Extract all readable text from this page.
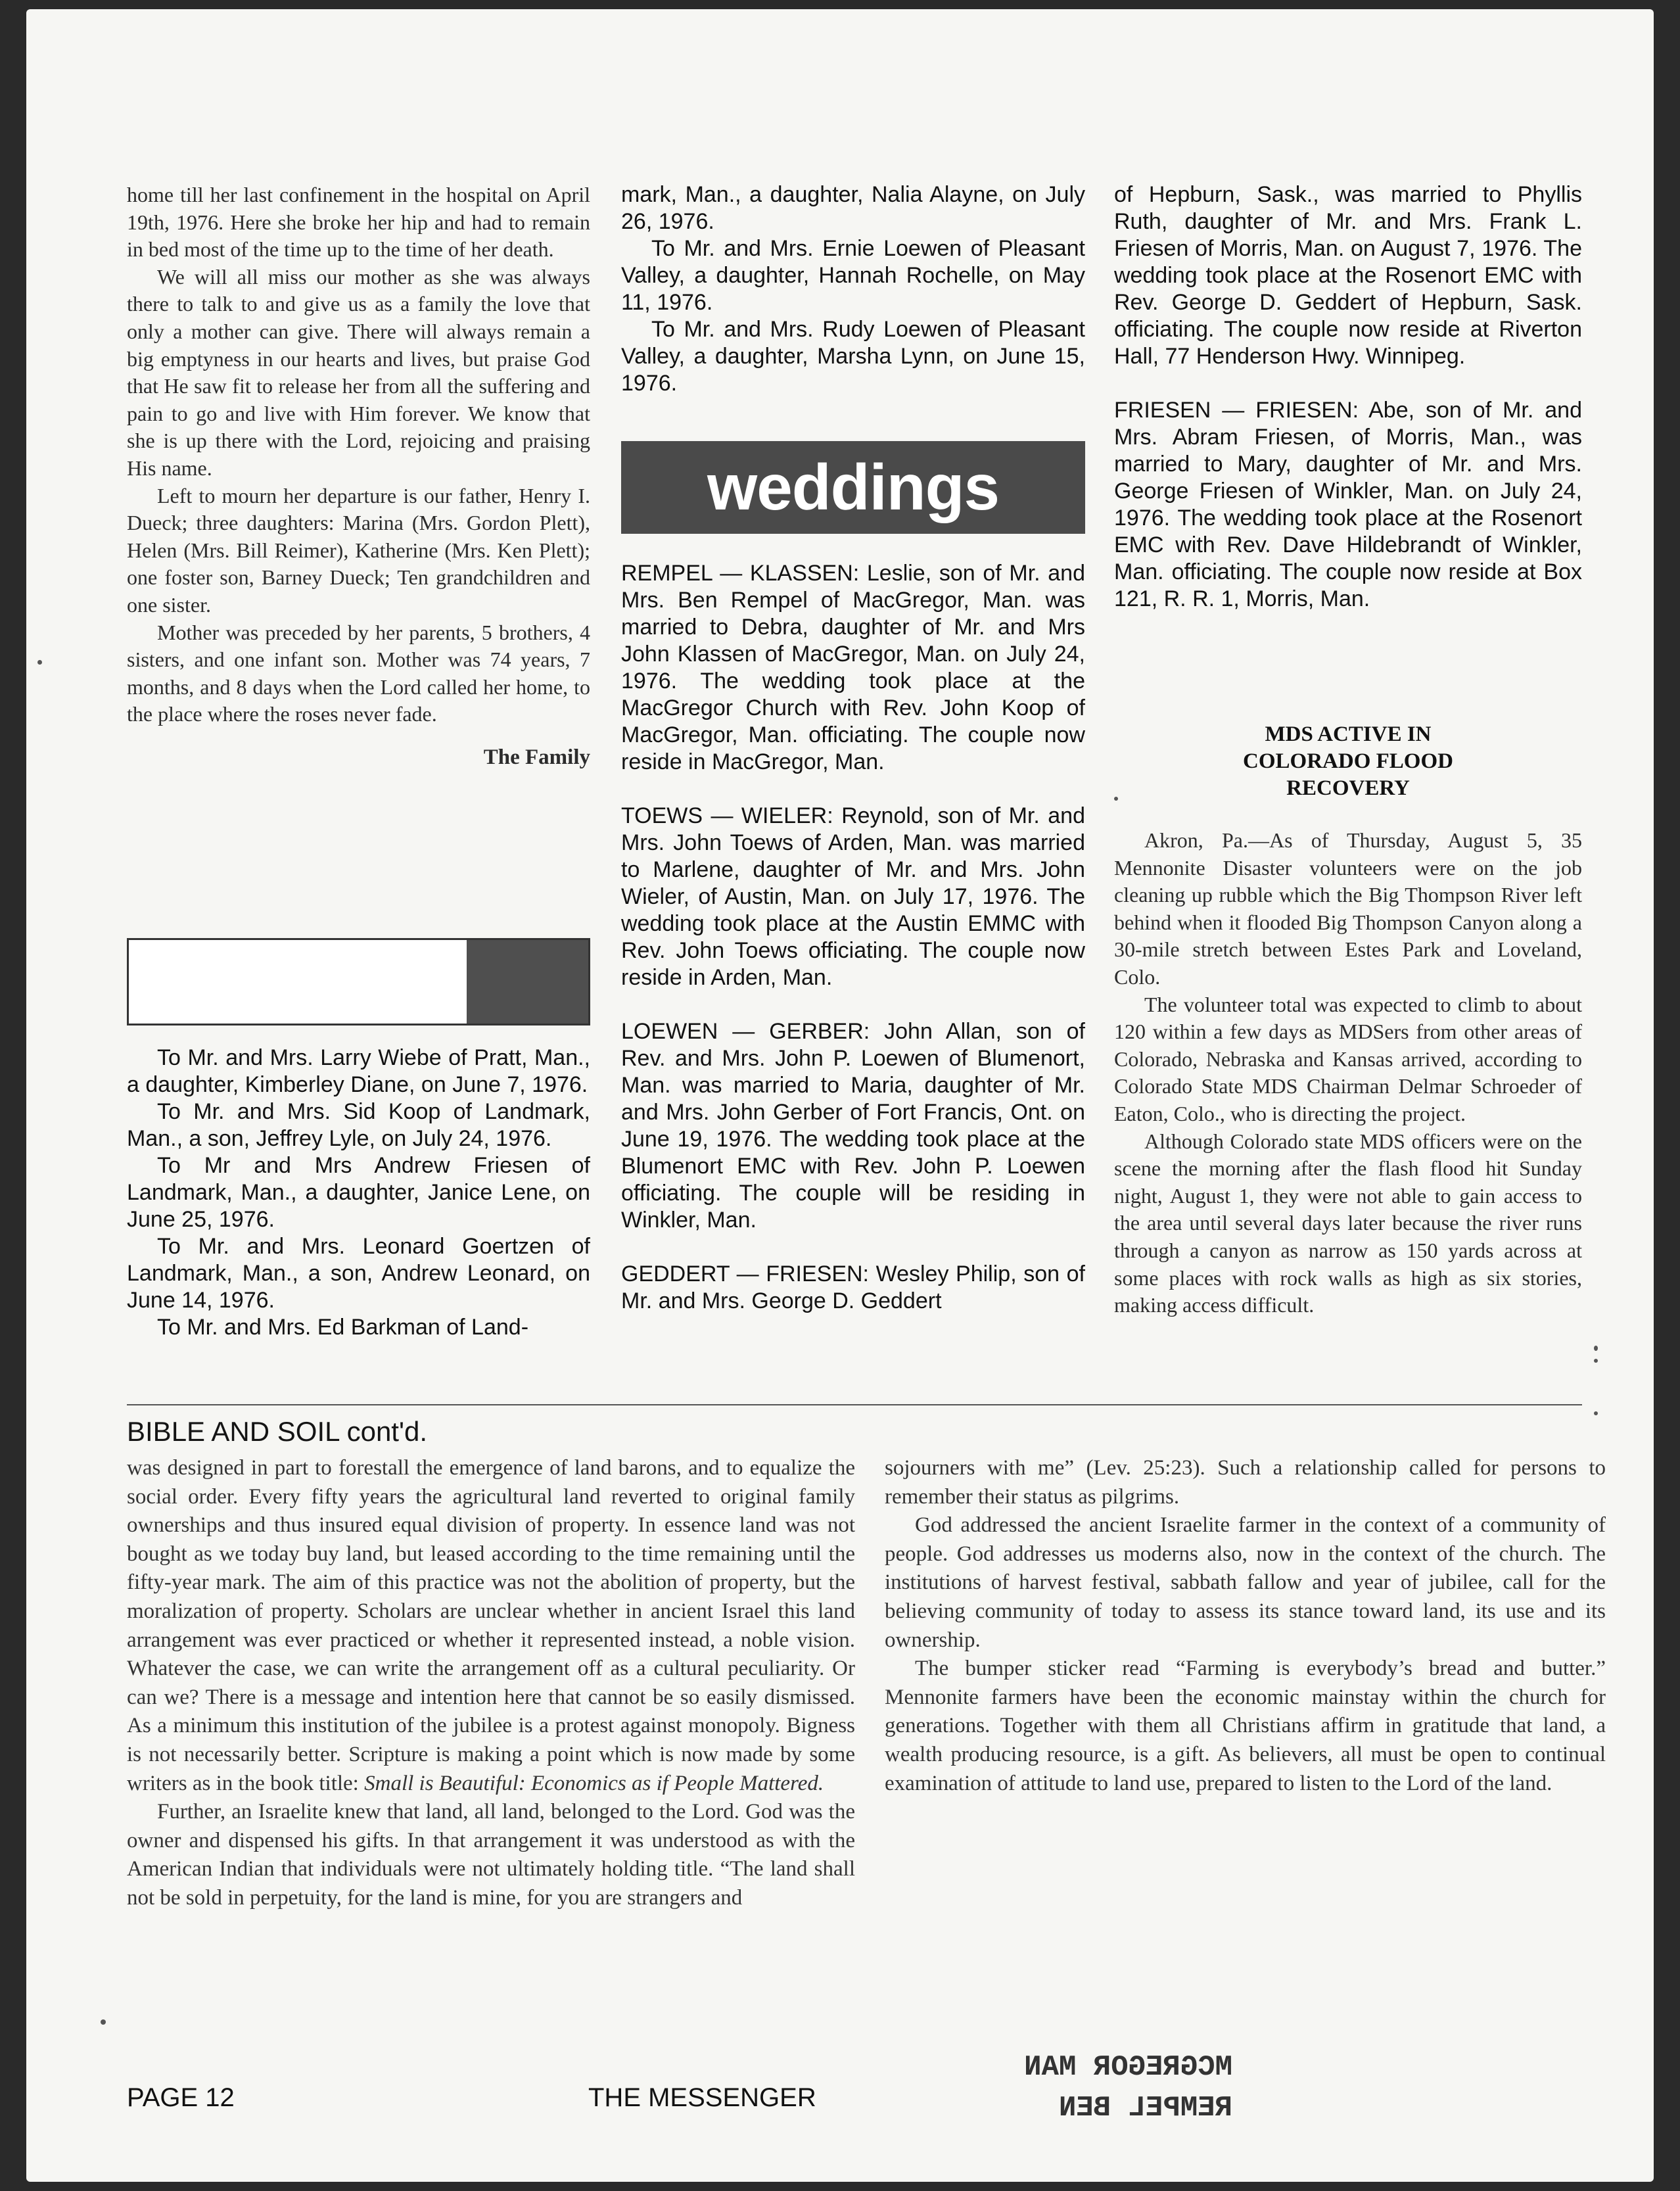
home till her last confinement in the hospital on April 19th, 1976. Here she broke her hip and had to remain in bed most of the time up to the time of her death.

We will all miss our mother as she was always there to talk to and give us as a family the love that only a mother can give. There will always remain a big emptyness in our hearts and lives, but praise God that He saw fit to release her from all the suffering and pain to go and live with Him forever. We know that she is up there with the Lord, rejoicing and praising His name.

Left to mourn her departure is our father, Henry I. Dueck; three daughters: Marina (Mrs. Gordon Plett), Helen (Mrs. Bill Reimer), Katherine (Mrs. Ken Plett); one foster son, Barney Dueck; Ten grandchildren and one sister.

Mother was preceded by her parents, 5 brothers, 4 sisters, and one infant son. Mother was 74 years, 7 months, and 8 days when the Lord called her home, to the place where the roses never fade.

The Family

To Mr. and Mrs. Larry Wiebe of Pratt, Man., a daughter, Kimberley Diane, on June 7, 1976.

To Mr. and Mrs. Sid Koop of Landmark, Man., a son, Jeffrey Lyle, on July 24, 1976.

To Mr and Mrs Andrew Friesen of Landmark, Man., a daughter, Janice Lene, on June 25, 1976.

To Mr. and Mrs. Leonard Goertzen of Landmark, Man., a son, Andrew Leonard, on June 14, 1976.

To Mr. and Mrs. Ed Barkman of Land-

mark, Man., a daughter, Nalia Alayne, on July 26, 1976.

To Mr. and Mrs. Ernie Loewen of Pleasant Valley, a daughter, Hannah Rochelle, on May 11, 1976.

To Mr. and Mrs. Rudy Loewen of Pleasant Valley, a daughter, Marsha Lynn, on June 15, 1976.

weddings

REMPEL — KLASSEN: Leslie, son of Mr. and Mrs. Ben Rempel of MacGregor, Man. was married to Debra, daughter of Mr. and Mrs John Klassen of MacGregor, Man. on July 24, 1976. The wedding took place at the MacGregor Church with Rev. John Koop of MacGregor, Man. officiating. The couple now reside in MacGregor, Man.

TOEWS — WIELER: Reynold, son of Mr. and Mrs. John Toews of Arden, Man. was married to Marlene, daughter of Mr. and Mrs. John Wieler, of Austin, Man. on July 17, 1976. The wedding took place at the Austin EMMC with Rev. John Toews officiating. The couple now reside in Arden, Man.

LOEWEN — GERBER: John Allan, son of Rev. and Mrs. John P. Loewen of Blumenort, Man. was married to Maria, daughter of Mr. and Mrs. John Gerber of Fort Francis, Ont. on June 19, 1976. The wedding took place at the Blumenort EMC with Rev. John P. Loewen officiating. The couple will be residing in Winkler, Man.

GEDDERT — FRIESEN: Wesley Philip, son of Mr. and Mrs. George D. Geddert

of Hepburn, Sask., was married to Phyllis Ruth, daughter of Mr. and Mrs. Frank L. Friesen of Morris, Man. on August 7, 1976. The wedding took place at the Rosenort EMC with Rev. George D. Geddert of Hepburn, Sask. officiating. The couple now reside at Riverton Hall, 77 Henderson Hwy. Winnipeg.

FRIESEN — FRIESEN: Abe, son of Mr. and Mrs. Abram Friesen, of Morris, Man., was married to Mary, daughter of Mr. and Mrs. George Friesen of Winkler, Man. on July 24, 1976. The wedding took place at the Rosenort EMC with Rev. Dave Hildebrandt of Winkler, Man. officiating. The couple now reside at Box 121, R. R. 1, Morris, Man.

MDS ACTIVE IN

COLORADO FLOOD

RECOVERY

Akron, Pa.—As of Thursday, August 5, 35 Mennonite Disaster volunteers were on the job cleaning up rubble which the Big Thompson River left behind when it flooded Big Thompson Canyon along a 30-mile stretch between Estes Park and Loveland, Colo.

The volunteer total was expected to climb to about 120 within a few days as MDSers from other areas of Colorado, Nebraska and Kansas arrived, according to Colorado State MDS Chairman Delmar Schroeder of Eaton, Colo., who is directing the project.

Although Colorado state MDS officers were on the scene the morning after the flash flood hit Sunday night, August 1, they were not able to gain access to the area until several days later because the river runs through a canyon as narrow as 150 yards across at some places with rock walls as high as six stories, making access difficult.

BIBLE AND SOIL cont'd.

was designed in part to forestall the emergence of land barons, and to equalize the social order. Every fifty years the agricultural land reverted to original family ownerships and thus insured equal division of property. In essence land was not bought as we today buy land, but leased according to the time remaining until the fifty-year mark. The aim of this practice was not the abolition of property, but the moralization of property. Scholars are unclear whether in ancient Israel this land arrangement was ever practiced or whether it represented instead, a noble vision. Whatever the case, we can write the arrangement off as a cultural peculiarity. Or can we? There is a message and intention here that cannot be so easily dismissed. As a minimum this institution of the jubilee is a protest against monopoly. Bigness is not necessarily better. Scripture is making a point which is now made by some writers as in the book title: Small is Beautiful: Economics as if People Mattered.

Further, an Israelite knew that land, all land, belonged to the Lord. God was the owner and dispensed his gifts. In that arrangement it was understood as with the American Indian that individuals were not ultimately holding title. “The land shall not be sold in perpetuity, for the land is mine, for you are strangers and

sojourners with me” (Lev. 25:23). Such a relationship called for persons to remember their status as pilgrims.

God addressed the ancient Israelite farmer in the context of a community of people. God addresses us moderns also, now in the context of the church. The institutions of harvest festival, sabbath fallow and year of jubilee, call for the believing community of today to assess its stance toward land, its use and its ownership.

The bumper sticker read “Farming is everybody’s bread and butter.” Mennonite farmers have been the economic mainstay within the church for generations. Together with them all Christians affirm in gratitude that land, a wealth producing resource, is a gift. As believers, all must be open to continual examination of attitude to land use, prepared to listen to the Lord of the land.

PAGE 12	THE MESSENGER
MCGREGOR MAN
REMPEL BEN
